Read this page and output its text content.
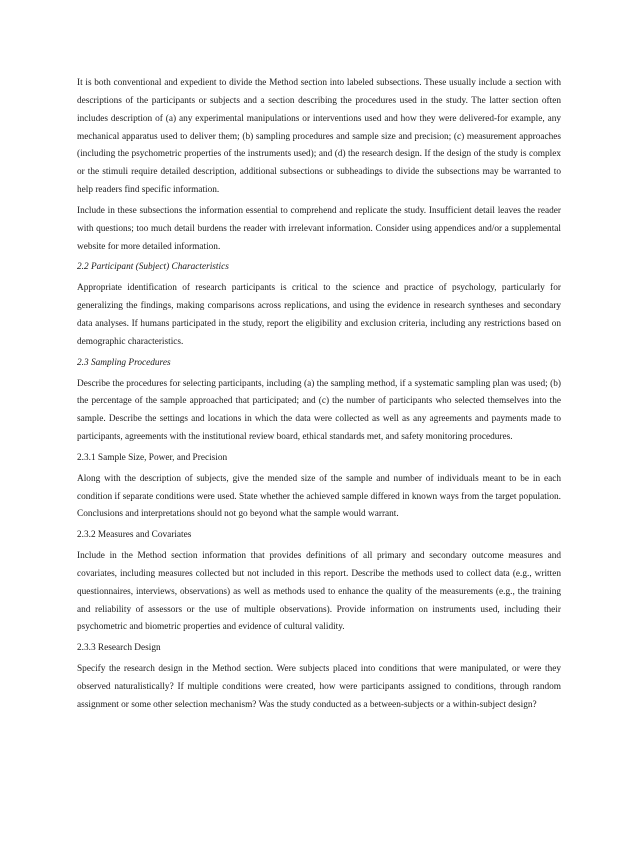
It is both conventional and expedient to divide the Method section into labeled subsections. These usually include a section with descriptions of the participants or subjects and a section describing the procedures used in the study. The latter section often includes description of (a) any experimental manipulations or interventions used and how they were delivered-for example, any mechanical apparatus used to deliver them; (b) sampling procedures and sample size and precision; (c) measurement approaches (including the psychometric properties of the instruments used); and (d) the research design. If the design of the study is complex or the stimuli require detailed description, additional subsections or subheadings to divide the subsections may be warranted to help readers find specific information.

Include in these subsections the information essential to comprehend and replicate the study. Insufficient detail leaves the reader with questions; too much detail burdens the reader with irrelevant information. Consider using appendices and/or a supplemental website for more detailed information.

2.2 Participant (Subject) Characteristics

Appropriate identification of research participants is critical to the science and practice of psychology, particularly for generalizing the findings, making comparisons across replications, and using the evidence in research syntheses and secondary data analyses. If humans participated in the study, report the eligibility and exclusion criteria, including any restrictions based on demographic characteristics.

2.3 Sampling Procedures

Describe the procedures for selecting participants, including (a) the sampling method, if a systematic sampling plan was used; (b) the percentage of the sample approached that participated; and (c) the number of participants who selected themselves into the sample. Describe the settings and locations in which the data were collected as well as any agreements and payments made to participants, agreements with the institutional review board, ethical standards met, and safety monitoring procedures.

2.3.1 Sample Size, Power, and Precision

Along with the description of subjects, give the mended size of the sample and number of individuals meant to be in each condition if separate conditions were used. State whether the achieved sample differed in known ways from the target population. Conclusions and interpretations should not go beyond what the sample would warrant.

2.3.2 Measures and Covariates

Include in the Method section information that provides definitions of all primary and secondary outcome measures and covariates, including measures collected but not included in this report. Describe the methods used to collect data (e.g., written questionnaires, interviews, observations) as well as methods used to enhance the quality of the measurements (e.g., the training and reliability of assessors or the use of multiple observations). Provide information on instruments used, including their psychometric and biometric properties and evidence of cultural validity.

2.3.3 Research Design

Specify the research design in the Method section. Were subjects placed into conditions that were manipulated, or were they observed naturalistically? If multiple conditions were created, how were participants assigned to conditions, through random assignment or some other selection mechanism? Was the study conducted as a between-subjects or a within-subject design?
